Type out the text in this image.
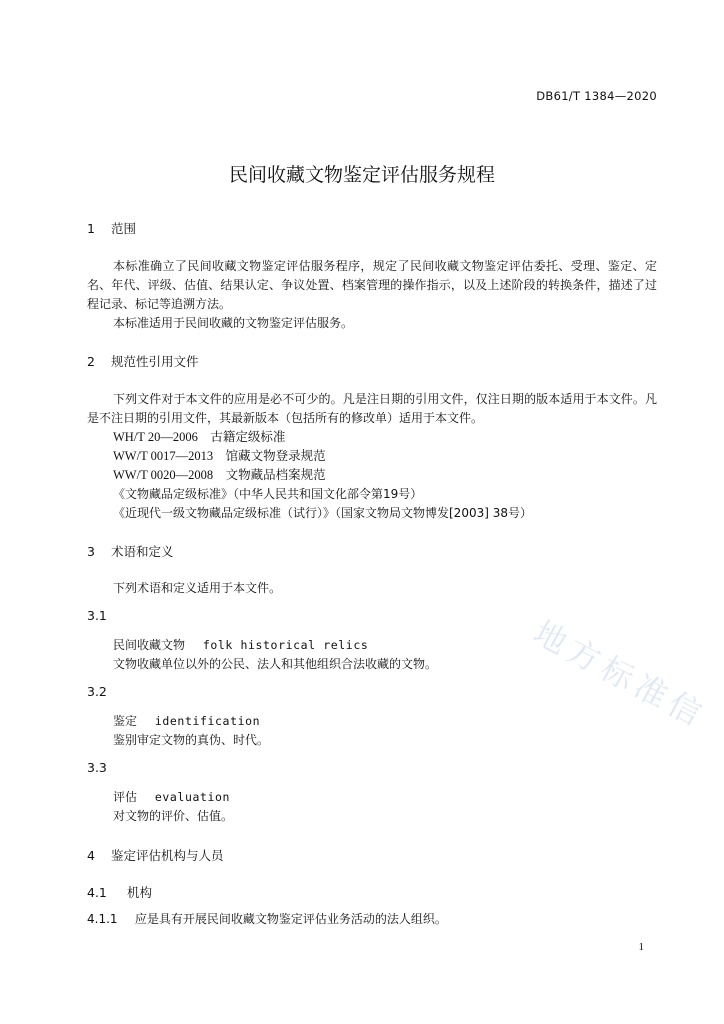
DB61/T 1384—2020
民间收藏文物鉴定评估服务规程
1 范围
本标准确立了民间收藏文物鉴定评估服务程序，规定了民间收藏文物鉴定评估委托、受理、鉴定、定名、年代、评级、估值、结果认定、争议处置、档案管理的操作指示，以及上述阶段的转换条件，描述了过程记录、标记等追溯方法。
本标准适用于民间收藏的文物鉴定评估服务。
2 规范性引用文件
下列文件对于本文件的应用是必不可少的。凡是注日期的引用文件，仅注日期的版本适用于本文件。凡是不注日期的引用文件，其最新版本（包括所有的修改单）适用于本文件。
WH/T 20—2006　古籍定级标准
WW/T 0017—2013　馆藏文物登录规范
WW/T 0020—2008　文物藏品档案规范
《文物藏品定级标准》（中华人民共和国文化部令第19号）
《近现代一级文物藏品定级标准（试行）》（国家文物局文物博发[2003] 38号）
3 术语和定义
下列术语和定义适用于本文件。
3.1
民间收藏文物 folk historical relics
文物收藏单位以外的公民、法人和其他组织合法收藏的文物。
3.2
鉴定 identification
鉴别审定文物的真伪、时代。
3.3
评估 evaluation
对文物的评价、估值。
4 鉴定评估机构与人员
4.1 机构
4.1.1 应是具有开展民间收藏文物鉴定评估业务活动的法人组织。
1
地方标准信
